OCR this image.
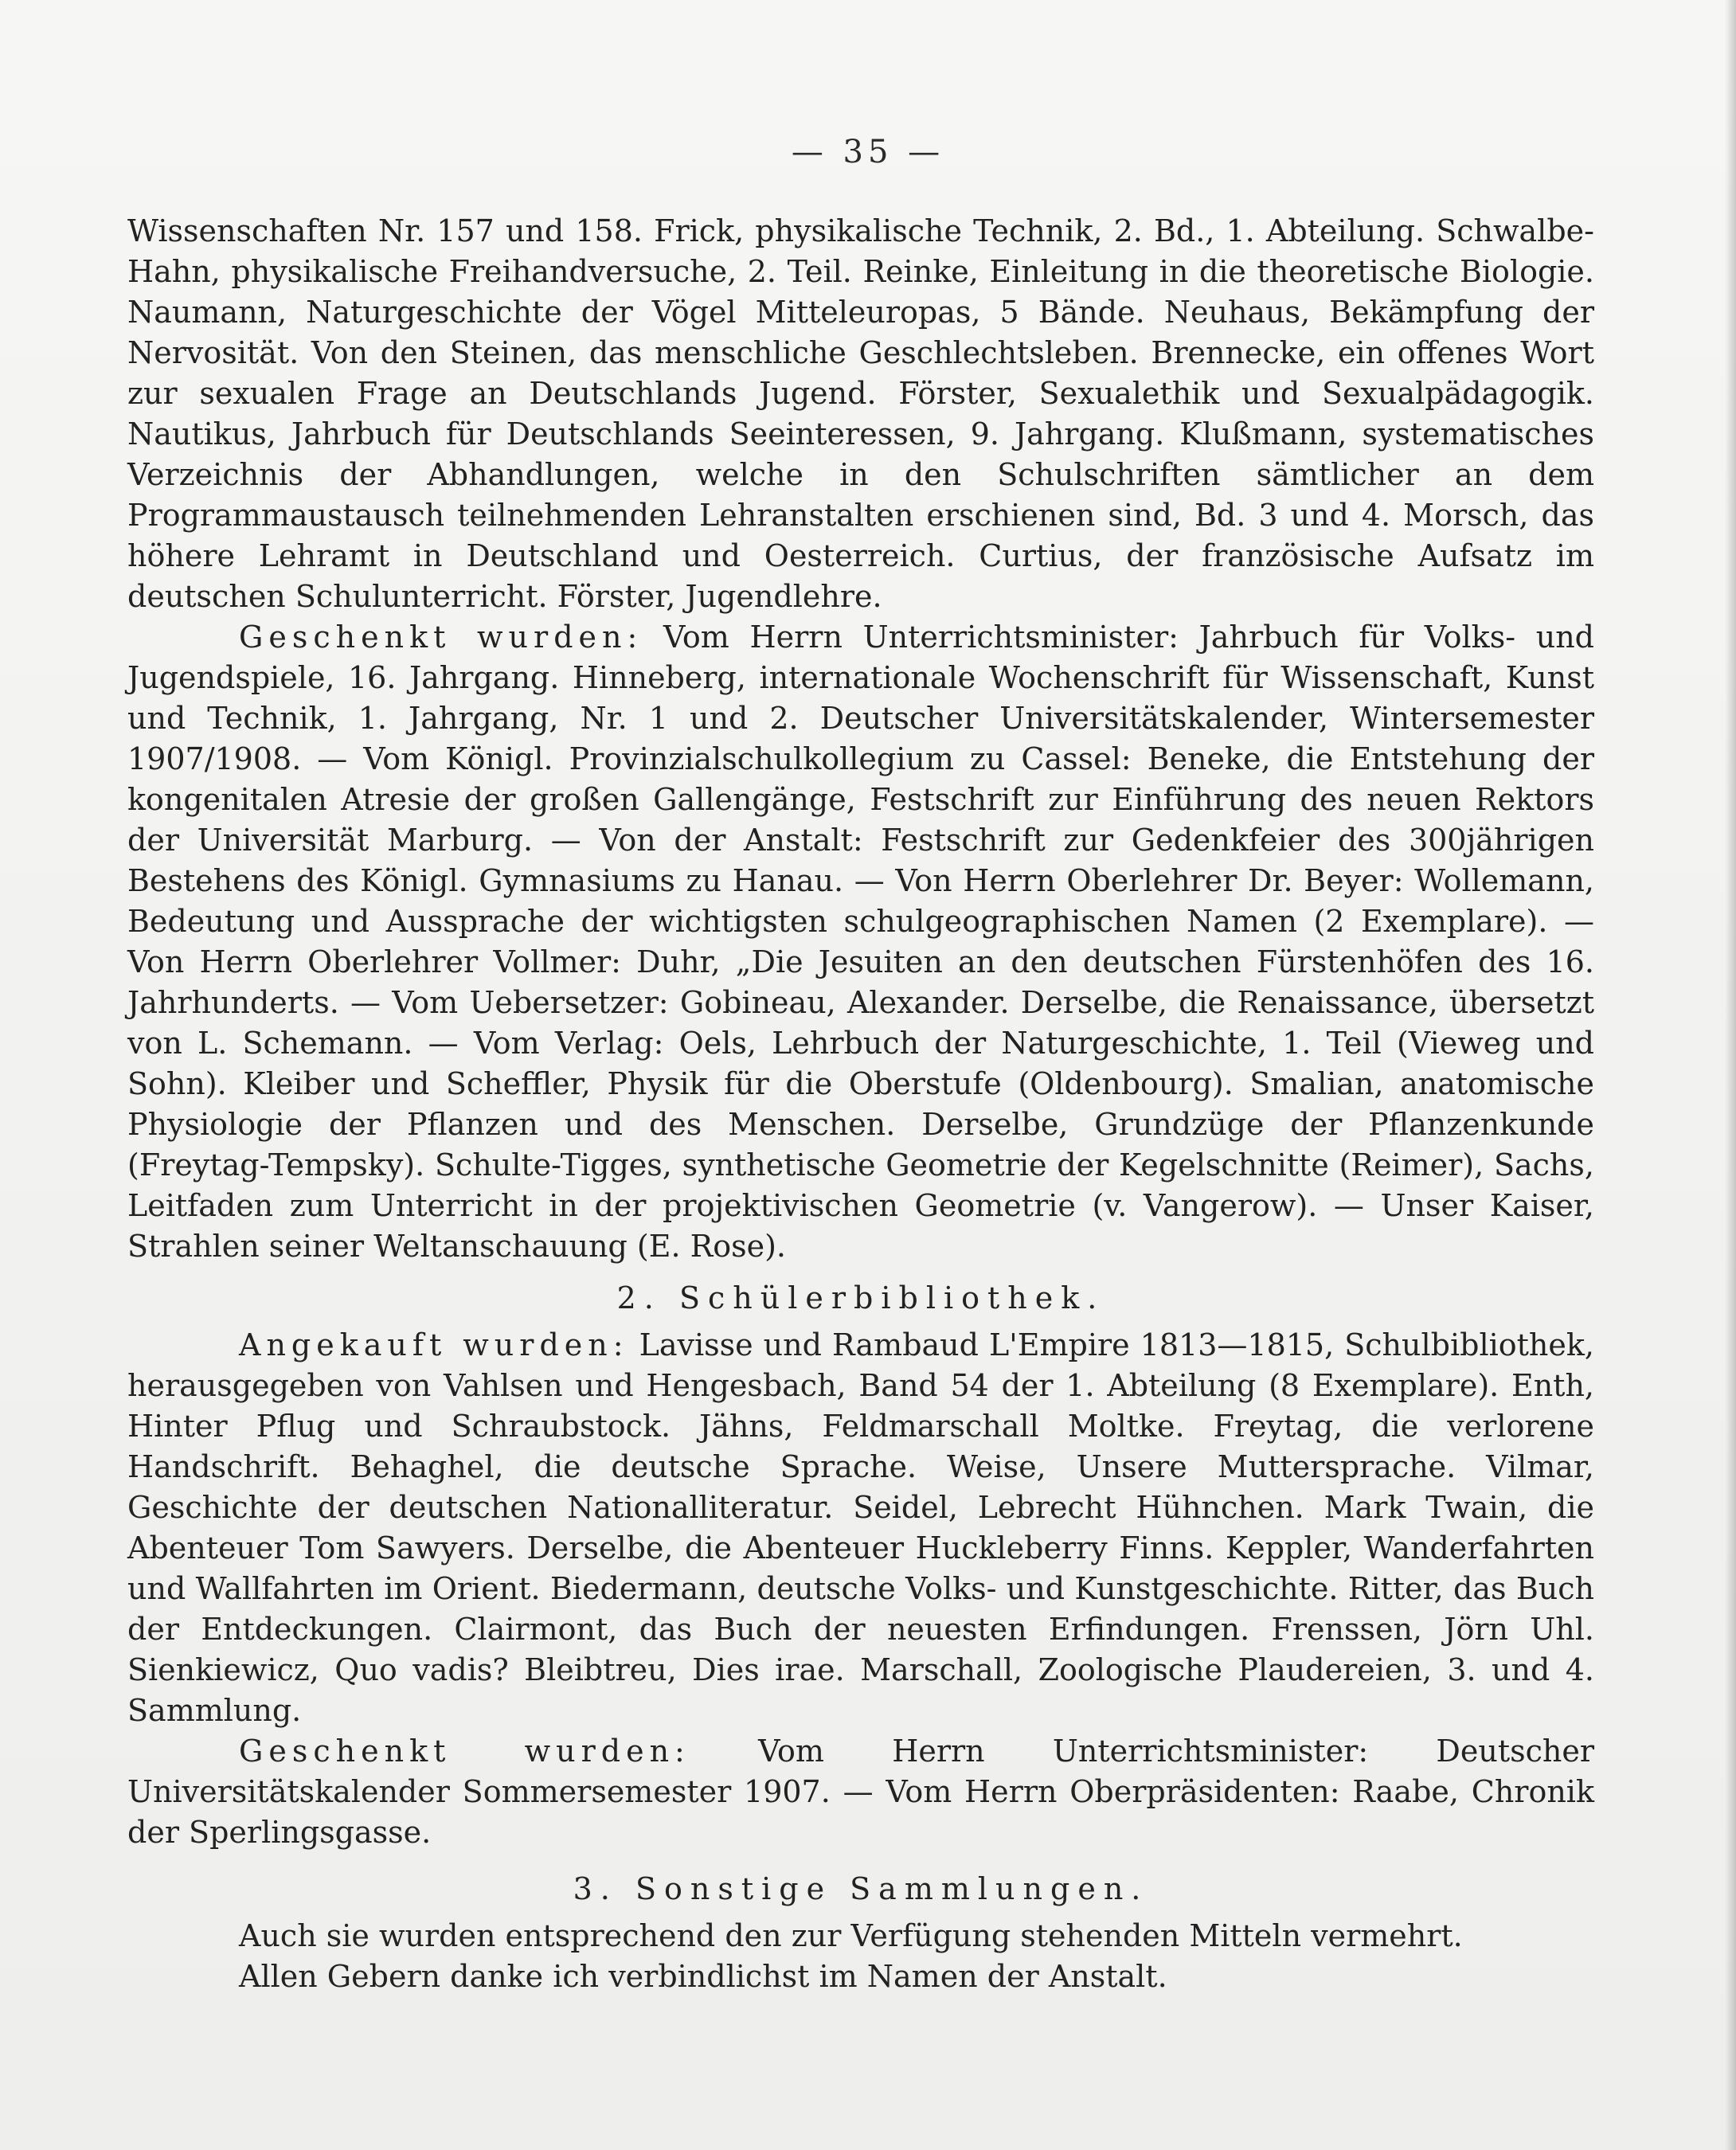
— 35 —

Wissenschaften Nr. 157 und 158. Frick, physikalische Technik, 2. Bd., 1. Abteilung. Schwalbe-Hahn, physikalische Freihandversuche, 2. Teil. Reinke, Einleitung in die theoretische Biologie. Naumann, Naturgeschichte der Vögel Mitteleuropas, 5 Bände. Neuhaus, Bekämpfung der Nervosität. Von den Steinen, das menschliche Geschlechtsleben. Brennecke, ein offenes Wort zur sexualen Frage an Deutschlands Jugend. Förster, Sexualethik und Sexualpädagogik. Nautikus, Jahrbuch für Deutschlands Seeinteressen, 9. Jahrgang. Klußmann, systematisches Verzeichnis der Abhandlungen, welche in den Schulschriften sämtlicher an dem Programmaustausch teilnehmenden Lehranstalten erschienen sind, Bd. 3 und 4. Morsch, das höhere Lehramt in Deutschland und Oesterreich. Curtius, der französische Aufsatz im deutschen Schulunterricht. Förster, Jugendlehre.

Geschenkt wurden: Vom Herrn Unterrichtsminister: Jahrbuch für Volks- und Jugendspiele, 16. Jahrgang. Hinneberg, internationale Wochenschrift für Wissenschaft, Kunst und Technik, 1. Jahrgang, Nr. 1 und 2. Deutscher Universitätskalender, Wintersemester 1907/1908. — Vom Königl. Provinzialschulkollegium zu Cassel: Beneke, die Entstehung der kongenitalen Atresie der großen Gallengänge, Festschrift zur Einführung des neuen Rektors der Universität Marburg. — Von der Anstalt: Festschrift zur Gedenkfeier des 300jährigen Bestehens des Königl. Gymnasiums zu Hanau. — Von Herrn Oberlehrer Dr. Beyer: Wollemann, Bedeutung und Aussprache der wichtigsten schulgeographischen Namen (2 Exemplare). — Von Herrn Oberlehrer Vollmer: Duhr, „Die Jesuiten an den deutschen Fürstenhöfen des 16. Jahrhunderts. — Vom Uebersetzer: Gobineau, Alexander. Derselbe, die Renaissance, übersetzt von L. Schemann. — Vom Verlag: Oels, Lehrbuch der Naturgeschichte, 1. Teil (Vieweg und Sohn). Kleiber und Scheffler, Physik für die Oberstufe (Oldenbourg). Smalian, anatomische Physiologie der Pflanzen und des Menschen. Derselbe, Grundzüge der Pflanzenkunde (Freytag-Tempsky). Schulte-Tigges, synthetische Geometrie der Kegelschnitte (Reimer), Sachs, Leitfaden zum Unterricht in der projektivischen Geometrie (v. Vangerow). — Unser Kaiser, Strahlen seiner Weltanschauung (E. Rose).

2. Schülerbibliothek.

Angekauft wurden: Lavisse und Rambaud L'Empire 1813—1815, Schulbibliothek, herausgegeben von Vahlsen und Hengesbach, Band 54 der 1. Abteilung (8 Exemplare). Enth, Hinter Pflug und Schraubstock. Jähns, Feldmarschall Moltke. Freytag, die verlorene Handschrift. Behaghel, die deutsche Sprache. Weise, Unsere Muttersprache. Vilmar, Geschichte der deutschen Nationalliteratur. Seidel, Lebrecht Hühnchen. Mark Twain, die Abenteuer Tom Sawyers. Derselbe, die Abenteuer Huckleberry Finns. Keppler, Wanderfahrten und Wallfahrten im Orient. Biedermann, deutsche Volks- und Kunstgeschichte. Ritter, das Buch der Entdeckungen. Clairmont, das Buch der neuesten Erfindungen. Frenssen, Jörn Uhl. Sienkiewicz, Quo vadis? Bleibtreu, Dies irae. Marschall, Zoologische Plaudereien, 3. und 4. Sammlung.

Geschenkt wurden: Vom Herrn Unterrichtsminister: Deutscher Universitätskalender Sommersemester 1907. — Vom Herrn Oberpräsidenten: Raabe, Chronik der Sperlingsgasse.

3. Sonstige Sammlungen.

Auch sie wurden entsprechend den zur Verfügung stehenden Mitteln vermehrt.

Allen Gebern danke ich verbindlichst im Namen der Anstalt.
